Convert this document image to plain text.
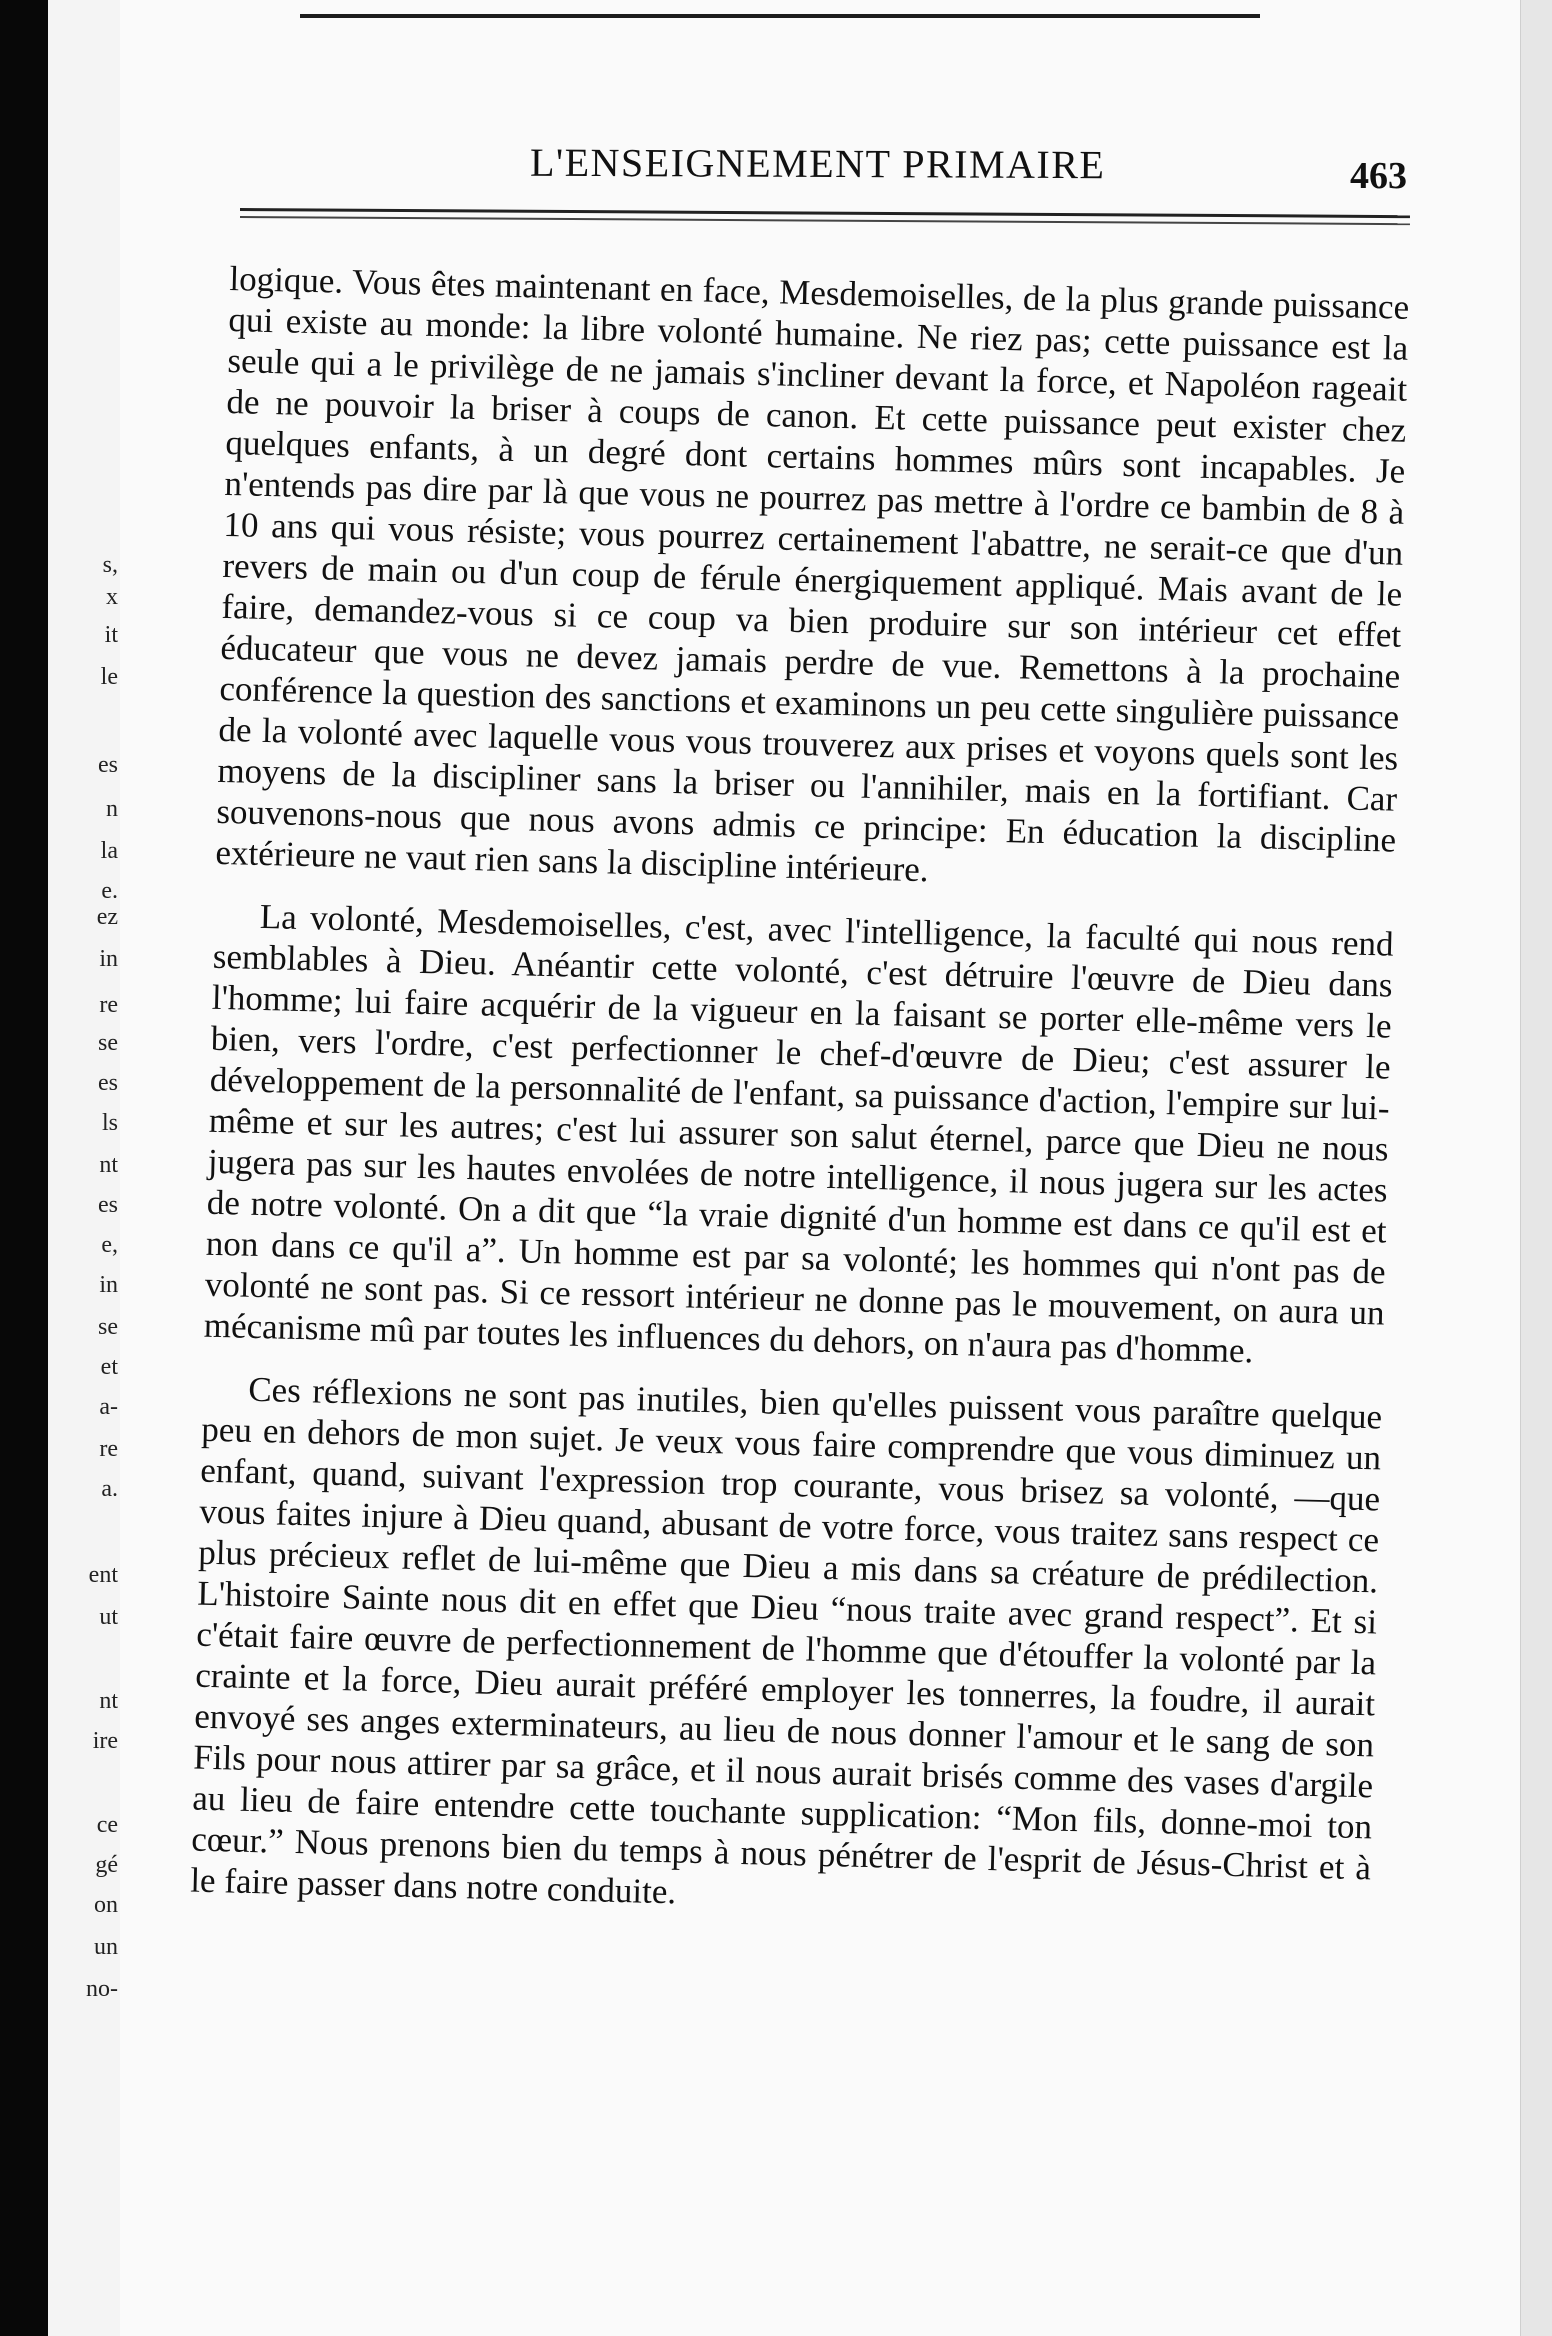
s,
x
it
le
es
n
la
e.
ez
in
re
se
es
ls
nt
es
e,
in
se
et
a-
re
a.
ent
ut
nt
ire
ce
gé
on
un
no-
L'ENSEIGNEMENT PRIMAIRE	463

logique. Vous êtes maintenant en face, Mesdemoiselles, de la plus grande puissance qui existe au monde: la libre volonté humaine. Ne riez pas; cette puissance est la seule qui a le privilège de ne jamais s'incliner devant la force, et Napoléon rageait de ne pouvoir la briser à coups de canon. Et cette puissance peut exister chez quelques enfants, à un degré dont certains hommes mûrs sont incapables. Je n'entends pas dire par là que vous ne pourrez pas mettre à l'ordre ce bambin de 8 à 10 ans qui vous résiste; vous pourrez certainement l'abattre, ne serait-ce que d'un revers de main ou d'un coup de férule énergiquement appliqué. Mais avant de le faire, demandez-vous si ce coup va bien produire sur son intérieur cet effet éducateur que vous ne devez jamais perdre de vue. Remettons à la prochaine conférence la question des sanctions et examinons un peu cette singulière puissance de la volonté avec laquelle vous vous trouverez aux prises et voyons quels sont les moyens de la discipliner sans la briser ou l'annihiler, mais en la fortifiant. Car souvenons-nous que nous avons admis ce principe: En éducation la discipline extérieure ne vaut rien sans la discipline intérieure.

La volonté, Mesdemoiselles, c'est, avec l'intelligence, la faculté qui nous rend semblables à Dieu. Anéantir cette volonté, c'est détruire l'œuvre de Dieu dans l'homme; lui faire acquérir de la vigueur en la faisant se porter elle-même vers le bien, vers l'ordre, c'est perfectionner le chef-d'œuvre de Dieu; c'est assurer le développement de la personnalité de l'enfant, sa puissance d'action, l'empire sur lui-même et sur les autres; c'est lui assurer son salut éternel, parce que Dieu ne nous jugera pas sur les hautes envolées de notre intelligence, il nous jugera sur les actes de notre volonté. On a dit que “la vraie dignité d'un homme est dans ce qu'il est et non dans ce qu'il a”. Un homme est par sa volonté; les hommes qui n'ont pas de volonté ne sont pas. Si ce ressort intérieur ne donne pas le mouvement, on aura un mécanisme mû par toutes les influences du dehors, on n'aura pas d'homme.

Ces réflexions ne sont pas inutiles, bien qu'elles puissent vous paraître quelque peu en dehors de mon sujet. Je veux vous faire comprendre que vous diminuez un enfant, quand, suivant l'expression trop courante, vous brisez sa volonté, —que vous faites injure à Dieu quand, abusant de votre force, vous traitez sans respect ce plus précieux reflet de lui-même que Dieu a mis dans sa créature de prédilection. L'histoire Sainte nous dit en effet que Dieu “nous traite avec grand respect”. Et si c'était faire œuvre de perfectionnement de l'homme que d'étouffer la volonté par la crainte et la force, Dieu aurait préféré employer les tonnerres, la foudre, il aurait envoyé ses anges exterminateurs, au lieu de nous donner l'amour et le sang de son Fils pour nous attirer par sa grâce, et il nous aurait brisés comme des vases d'argile au lieu de faire entendre cette touchante supplication: “Mon fils, donne-moi ton cœur.” Nous prenons bien du temps à nous pénétrer de l'esprit de Jésus-Christ et à le faire passer dans notre conduite.
